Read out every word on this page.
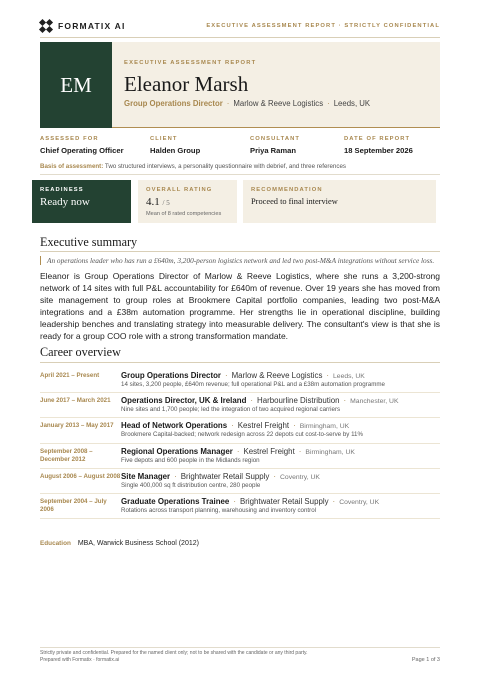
FORMATIX AI	EXECUTIVE ASSESSMENT REPORT · STRICTLY CONFIDENTIAL
EM
EXECUTIVE ASSESSMENT REPORT
Eleanor Marsh
Group Operations Director · Marlow & Reeve Logistics · Leeds, UK
ASSESSED FOR
Chief Operating Officer
CLIENT
Halden Group
CONSULTANT
Priya Raman
DATE OF REPORT
18 September 2026
Basis of assessment: Two structured interviews, a personality questionnaire with debrief, and three references
READINESS
Ready now
OVERALL RATING
4.1 / 5
Mean of 8 rated competencies
RECOMMENDATION
Proceed to final interview
Executive summary
An operations leader who has run a £640m, 3,200-person logistics network and led two post-M&A integrations without service loss.
Eleanor is Group Operations Director of Marlow & Reeve Logistics, where she runs a 3,200-strong network of 14 sites with full P&L accountability for £640m of revenue. Over 19 years she has moved from site management to group roles at Brookmere Capital portfolio companies, leading two post-M&A integrations and a £38m automation programme. Her strengths lie in operational discipline, building leadership benches and translating strategy into measurable delivery. The consultant's view is that she is ready for a group COO role with a strong transformation mandate.
Career overview
April 2021 – Present	Group Operations Director · Marlow & Reeve Logistics · Leeds, UK
14 sites, 3,200 people, £640m revenue; full operational P&L and a £38m automation programme
June 2017 – March 2021	Operations Director, UK & Ireland · Harbourline Distribution · Manchester, UK
Nine sites and 1,700 people; led the integration of two acquired regional carriers
January 2013 – May 2017 Head of Network Operations · Kestrel Freight · Birmingham, UK
Brookmere Capital-backed; network redesign across 22 depots cut cost-to-serve by 11%
September 2008 – December 2012
Regional Operations Manager · Kestrel Freight · Birmingham, UK
Five depots and 600 people in the Midlands region
August 2006 – August 2008 Site Manager · Brightwater Retail Supply · Coventry, UK
Single 400,000 sq ft distribution centre, 280 people
September 2004 – July 2006
Graduate Operations Trainee · Brightwater Retail Supply · Coventry, UK
Rotations across transport planning, warehousing and inventory control
Education MBA, Warwick Business School (2012)
Strictly private and confidential. Prepared for the named client only; not to be shared with the candidate or any third party.
Prepared with Formatix · formatix.ai	Page 1 of 3
